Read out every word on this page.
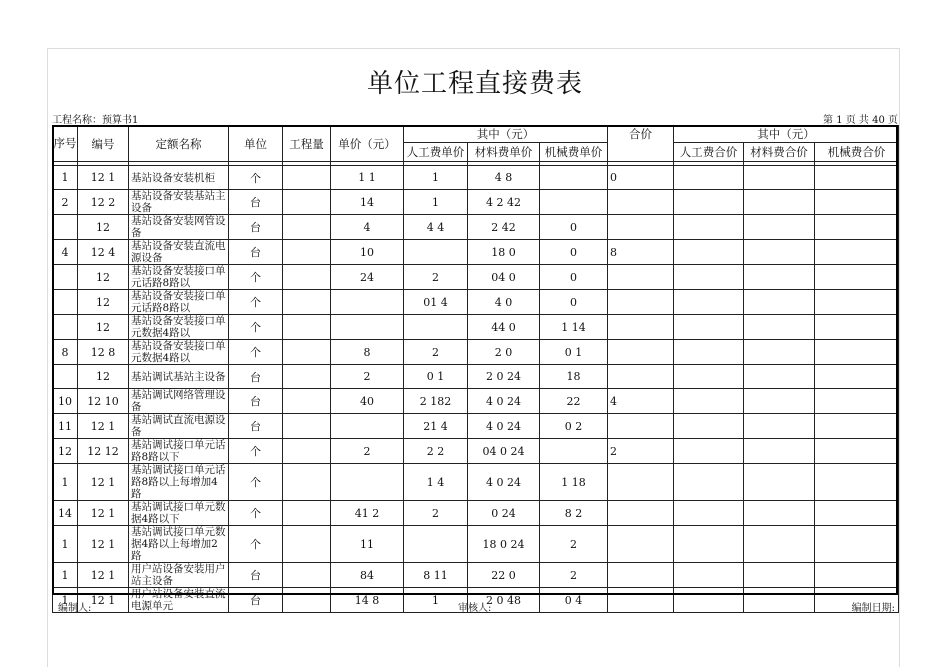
单位工程直接费表
工程名称：预算书1	第 1 页 共 40 页
序号	编号	定额名称	单位	工程量	单价（元）	其中（元）			合价	其中（元）		
						人工费单价	材料费单价	机械费单价		人工费合价	材料费合价	机械费合价

1	12 1	基站设备安装机柜	个		1 1	1	4 8		0			
2	12 2	基站设备安装基站主设备	台		14	1	4 2 42					
	12	基站设备安装网管设备	台		4	4 4	2 42	0				
4	12 4	基站设备安装直流电源设备	台		10		18 0	0	8			
	12	基站设备安装接口单元话路8路以	个		24	2	04 0	0				
	12	基站设备安装接口单元话路8路以	个			01 4	4 0	0				
	12	基站设备安装接口单元数据4路以	个				44 0	1 14				
8	12 8	基站设备安装接口单元数据4路以	个		8	2	2 0	0 1				
	12	基站调试基站主设备	台		2	0 1	2 0 24	18				
10	12 10	基站调试网络管理设备	台		40	2 182	4 0 24	22	4			
11	12 1	基站调试直流电源设备	台			21 4	4 0 24	0 2				
12	12 12	基站调试接口单元话路8路以下	个		2	2 2	04 0 24		2			
1	12 1	基站调试接口单元话路8路以上每增加4路	个			1 4	4 0 24	1 18				
14	12 1	基站调试接口单元数据4路以下	个		41 2	2	0 24	8 2				
1	12 1	基站调试接口单元数据4路以上每增加2路	个		11		18 0 24	2				
1	12 1	用户站设备安装用户站主设备	台		84	8 11	22 0	2				
1	12 1	用户站设备安装直流电源单元	台		14 8	1	2 0 48	0 4				
编制人:	审核人:	编制日期:
